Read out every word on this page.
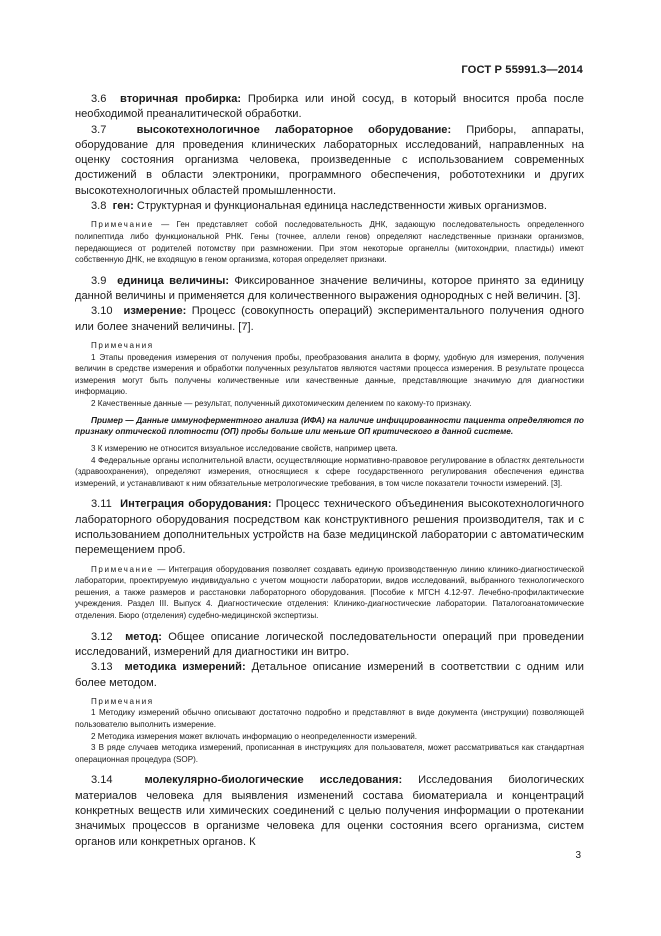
ГОСТ Р 55991.3—2014

3.6 вторичная пробирка: Пробирка или иной сосуд, в который вносится проба после необходимой преаналитической обработки.

3.7	высокотехнологичное лабораторное оборудование: Приборы, аппараты, оборудование для проведения клинических лабораторных исследований, направленных на оценку состояния организма человека, произведенные с использованием современных достижений в области электроники, программного обеспечения, робототехники и других высокотехнологичных областей промышленности.

3.8 ген: Структурная и функциональная единица наследственности живых организмов.

Примечание — Ген представляет собой последовательность ДНК, задающую последовательность определенного полипептида либо функциональной РНК. Гены (точнее, аллели генов) определяют наследственные признаки организмов, передающиеся от родителей потомству при размножении. При этом некоторые органеллы (митохондрии, пластиды) имеют собственную ДНК, не входящую в геном организма, которая определяет признаки.

3.9 единица величины: Фиксированное значение величины, которое принято за единицу данной величины и применяется для количественного выражения однородных с ней величин. [3].

3.10 измерение: Процесс (совокупность операций) экспериментального получения одного или более значений величины. [7].

Примечания

1 Этапы проведения измерения от получения пробы, преобразования аналита в форму, удобную для измерения, получения величин в средстве измерения и обработки полученных результатов являются частями процесса измерения. В результате процесса измерения могут быть получены количественные или качественные данные, представляющие значимую для диагностики информацию.

2 Качественные данные — результат, полученный дихотомическим делением по какому-то признаку.

Пример — Данные иммуноферментного анализа (ИФА) на наличие инфицированности пациента определяются по признаку оптической плотности (ОП) пробы больше или меньше ОП критического в данной системе.

3 К измерению не относится визуальное исследование свойств, например цвета.

4 Федеральные органы исполнительной власти, осуществляющие нормативно-правовое регулирование в областях деятельности (здравоохранения), определяют измерения, относящиеся к сфере государственного регулирования обеспечения единства измерений, и устанавливают к ним обязательные метрологические требования, в том числе показатели точности измерений. [3].

3.11 Интеграция оборудования: Процесс технического объединения высокотехнологичного лабораторного оборудования посредством как конструктивного решения производителя, так и с использованием дополнительных устройств на базе медицинской лаборатории с автоматическим перемещением проб.

Примечание — Интеграция оборудования позволяет создавать единую производственную линию клинико-диагностической лаборатории, проектируемую индивидуально с учетом мощности лаборатории, видов исследований, выбранного технологического решения, а также размеров и расстановки лабораторного оборудования. [Пособие к МГСН 4.12-97. Лечебно-профилактические учреждения. Раздел III. Выпуск 4. Диагностические отделения: Клинико-диагностические лаборатории. Паталогоанатомические отделения. Бюро (отделения) судебно-медицинской экспертизы.

3.12 метод: Общее описание логической последовательности операций при проведении исследований, измерений для диагностики ин витро.

3.13 методика измерений: Детальное описание измерений в соответствии с одним или более методом.

Примечания

1 Методику измерений обычно описывают достаточно подробно и представляют в виде документа (инструкции) позволяющей пользователю выполнить измерение.

2 Методика измерения может включать информацию о неопределенности измерений.

3 В ряде случаев методика измерений, прописанная в инструкциях для пользователя, может рассматриваться как стандартная операционная процедура (SOP).

3.14	молекулярно-биологические исследования: Исследования биологических материалов человека для выявления изменений состава биоматериала и концентраций конкретных веществ или химических соединений с целью получения информации о протекании значимых процессов в организме человека для оценки состояния всего организма, систем органов или конкретных органов. К

3
